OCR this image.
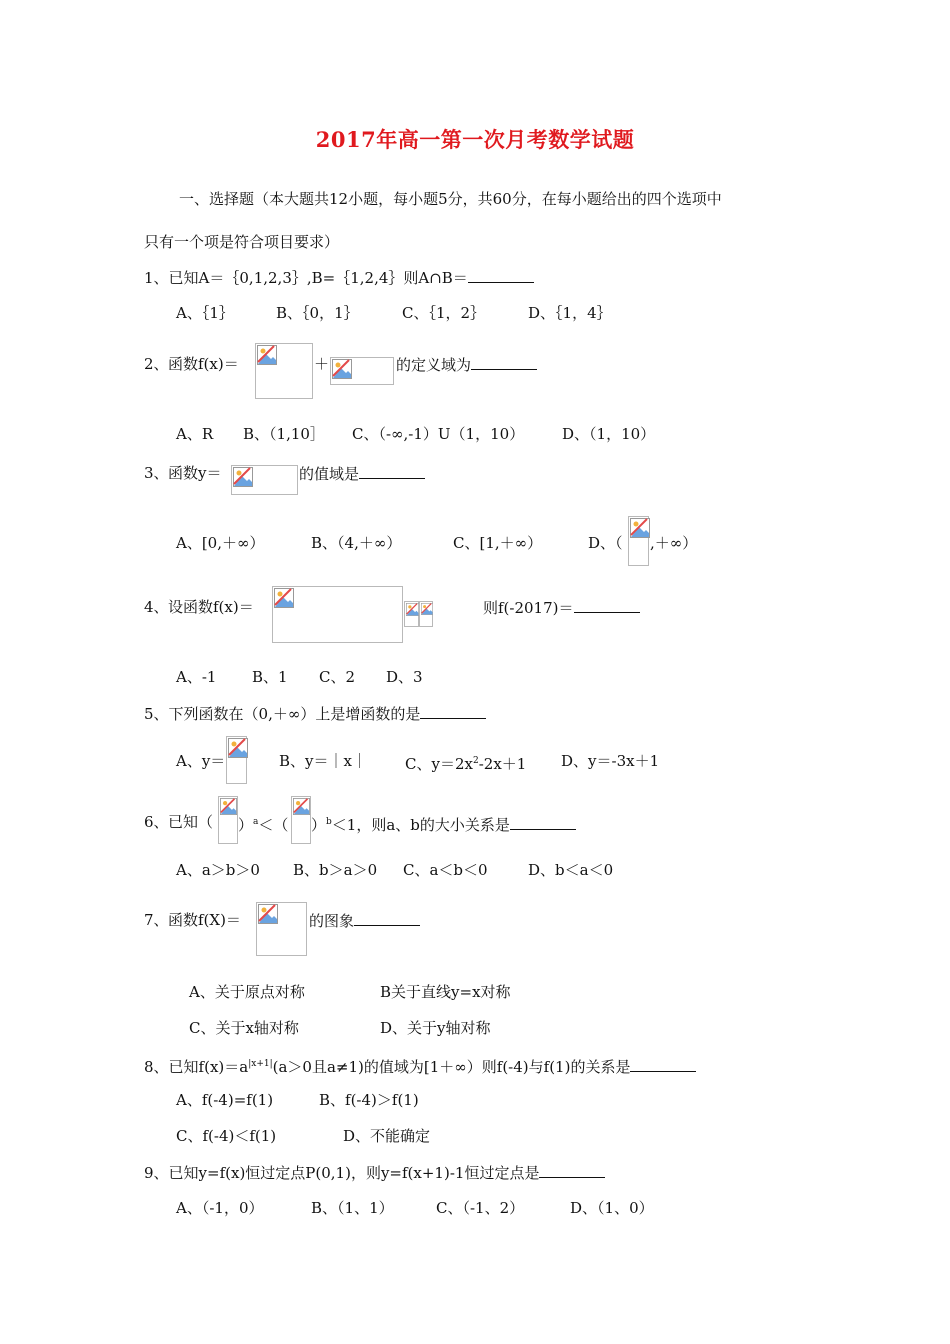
2017年高一第一次月考数学试题
一、选择题（本大题共12小题，每小题5分，共60分，在每小题给出的四个选项中
只有一个项是符合项目要求）
1、已知A＝｛0,1,2,3｝,B=｛1,2,4｝则A∩B＝
A、｛1｝	B、｛0，1｝	C、｛1，2｝	D、｛1，4｝
2、 函数f(x)＝	＋	的定义域为
A、R B、（1,10］ C、（-∞,-1）U（1，10）	D、（1，10）
3、 函数y＝	的值域是
A、[0,＋∞）	B、（4,＋∞）	C、[1,＋∞）	D、（ ,＋∞）
4、 设函数f(x)＝	则f(-2017)＝
A、-1 B、1 C、2 D、3
5、下列函数在（0,＋∞）上是增函数的是
A、y＝	B、y＝｜x｜	C、$y=2x^2-2x+1$ D、y＝-3x＋1
6、 已知（ ）$^a$＜（ ）$^b$＜1，则a、b的大小关系是
A、a＞b＞0 B、b＞a＞0 C、a＜b＜0	D、b＜a＜0
7、 函数f(X)＝	的图象
A、关于原点对称	B关于直线y=x对称
C、关于x轴对称	D、关于y轴对称
8、已知$f(x)=a^{|x+1|}(a>0$且a≠1)的值域为[1＋∞）则f(-4)与f(1)的关系是
A、f(-4)=f(1)	B、f(-4)＞f(1)
C、f(-4)＜f(1)	D、不能确定
9、已知y=f(x)恒过定点P(0,1)，则y=f(x+1)-1恒过定点是
A、（-1，0）	B、（1、1）	C、（-1、2）	D、（1、0）
